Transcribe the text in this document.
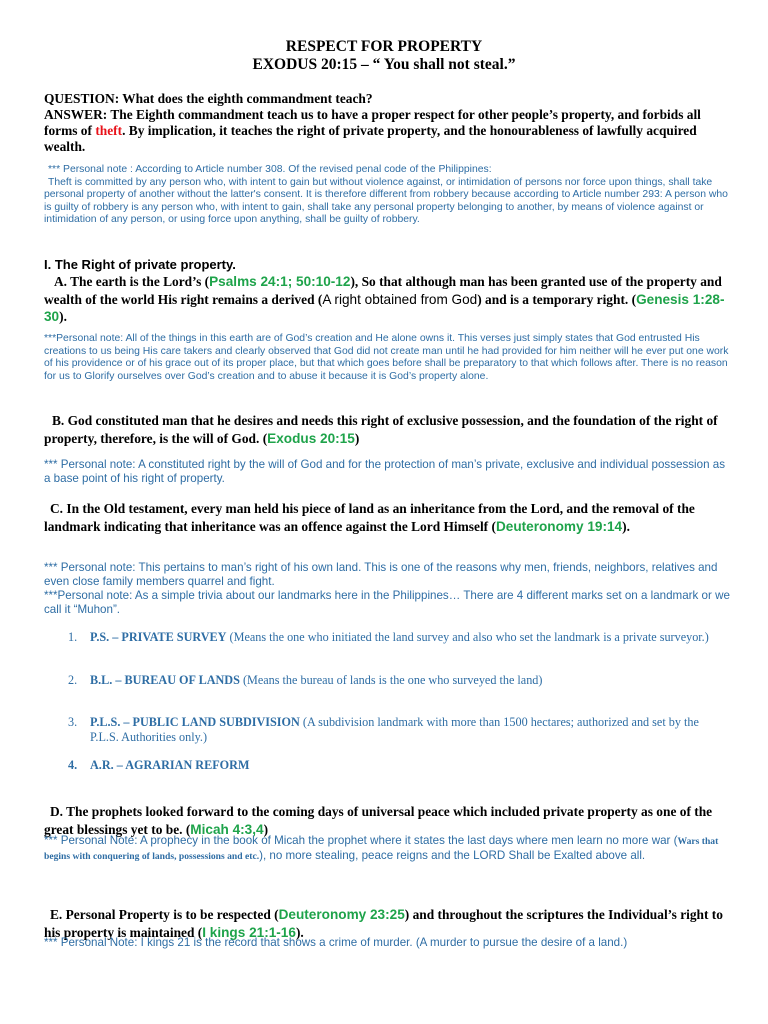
RESPECT FOR PROPERTY
EXODUS 20:15 – “ You shall not steal.”
QUESTION: What does the eighth commandment teach?
ANSWER: The Eighth commandment teach us to have a proper respect for other people’s property, and forbids all forms of theft. By implication, it teaches the right of private property, and the honourableness of lawfully acquired wealth.
*** Personal note : According to Article number 308. Of the revised penal code of the Philippines:
Theft is committed by any person who, with intent to gain but without violence against, or intimidation of persons nor force upon things, shall take personal property of another without the latter's consent. It is therefore different from robbery because according to Article number 293: A person who is guilty of robbery is any person who, with intent to gain, shall take any personal property belonging to another, by means of violence against or intimidation of any person, or using force upon anything, shall be guilty of robbery.
I. The Right of private property.
A. The earth is the Lord’s (Psalms 24:1; 50:10-12), So that although man has been granted use of the property and wealth of the world His right remains a derived (A right obtained from God) and is a temporary right. (Genesis 1:28-30).
***Personal note: All of the things in this earth are of God’s creation and He alone owns it. This verses just simply states that God entrusted His creations to us being His care takers and clearly observed that God did not create man until he had provided for him neither will he ever put one work of his providence or of his grace out of its proper place, but that which goes before shall be preparatory to that which follows after. There is no reason for us to Glorify ourselves over God’s creation and to abuse it because it is God’s property alone.
B. God constituted man that he desires and needs this right of exclusive possession, and the foundation of the right of property, therefore, is the will of God. (Exodus 20:15)
*** Personal note: A constituted right by the will of God and for the protection of man’s private, exclusive and individual possession as a base point of his right of property.
C. In the Old testament, every man held his piece of land as an inheritance from the Lord, and the removal of the landmark indicating that inheritance was an offence against the Lord Himself (Deuteronomy 19:14).
*** Personal note: This pertains to man’s right of his own land. This is one of the reasons why men, friends, neighbors, relatives and even close family members quarrel and fight.
***Personal note: As a simple trivia about our landmarks here in the Philippines… There are 4 different marks set on a landmark or we call it “Muhon”.
1.	P.S. – PRIVATE SURVEY (Means the one who initiated the land survey and also who set the landmark is a private surveyor.)
2.	B.L. – BUREAU OF LANDS (Means the bureau of lands is the one who surveyed the land)
3.	P.L.S. – PUBLIC LAND SUBDIVISION (A subdivision landmark with more than 1500 hectares; authorized and set by the P.L.S. Authorities only.)
4.	A.R. – AGRARIAN REFORM
D. The prophets looked forward to the coming days of universal peace which included private property as one of the great blessings yet to be. (Micah 4:3,4)
*** Personal Note: A prophecy in the book of Micah the prophet where it states the last days where men learn no more war (Wars that begins with conquering of lands, possessions and etc.), no more stealing, peace reigns and the LORD Shall be Exalted above all.
E. Personal Property is to be respected (Deuteronomy 23:25) and throughout the scriptures the Individual’s right to his property is maintained (I kings 21:1-16).
*** Personal Note: I kings 21 is the record that shows a crime of murder. (A murder to pursue the desire of a land.)
